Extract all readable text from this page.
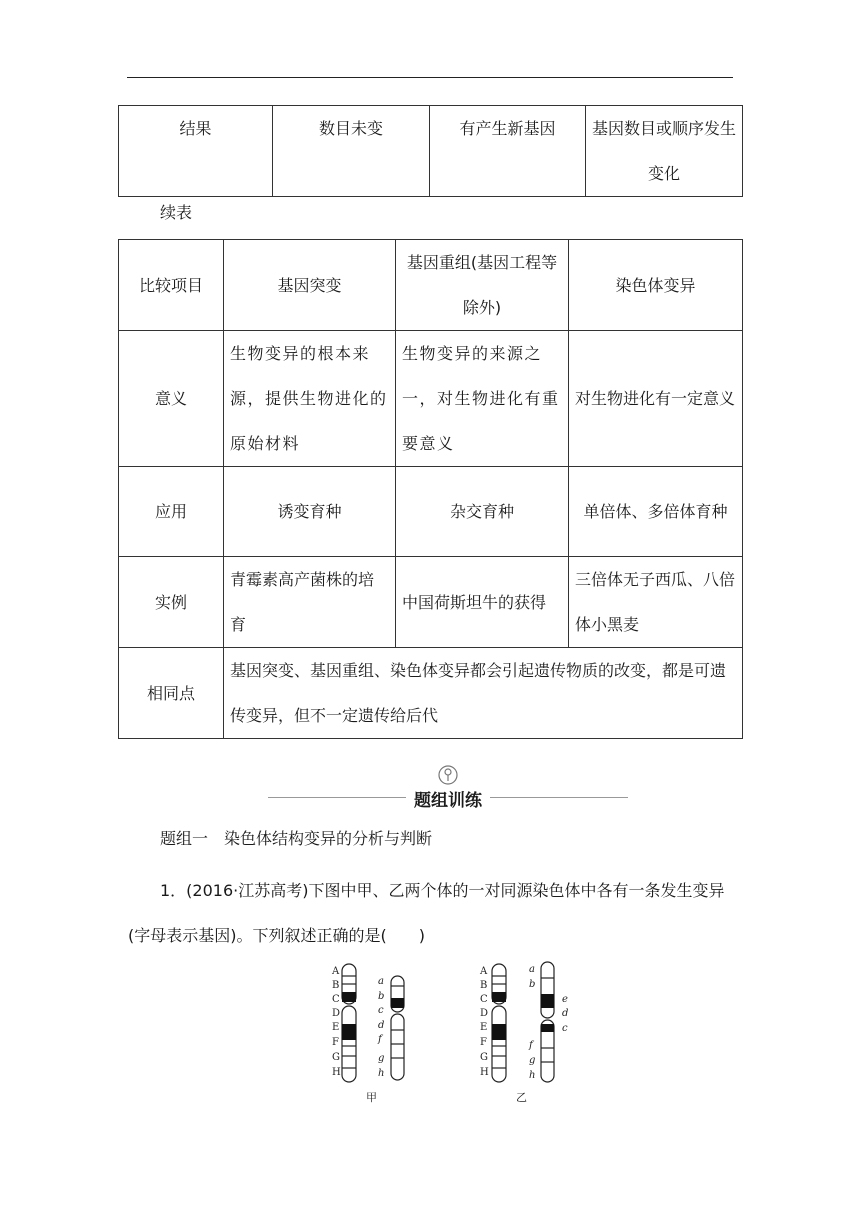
结果	数目未变	有产生新基因	基因数目或顺序发生变化
续表
比较项目	基因突变	基因重组(基因工程等除外)	染色体变异
意义	生物变异的根本来源，提供生物进化的原始材料	生物变异的来源之一，对生物进化有重要意义	对生物进化有一定意义
应用	诱变育种	杂交育种	单倍体、多倍体育种
实例	青霉素高产菌株的培育	中国荷斯坦牛的获得	三倍体无子西瓜、八倍体小黑麦
相同点	基因突变、基因重组、染色体变异都会引起遗传物质的改变，都是可遗传变异，但不一定遗传给后代		
题组训练
题组一　染色体结构变异的分析与判断
1．(2016·江苏高考)下图中甲、乙两个体的一对同源染色体中各有一条发生变异(字母表示基因)。下列叙述正确的是(　　)
A
B
C
D
E
F
G
H
a
b
c
d
f
g
h
甲
A
B
C
D
E
F
G
H
a
b
e
d
c
f
g
h
乙
